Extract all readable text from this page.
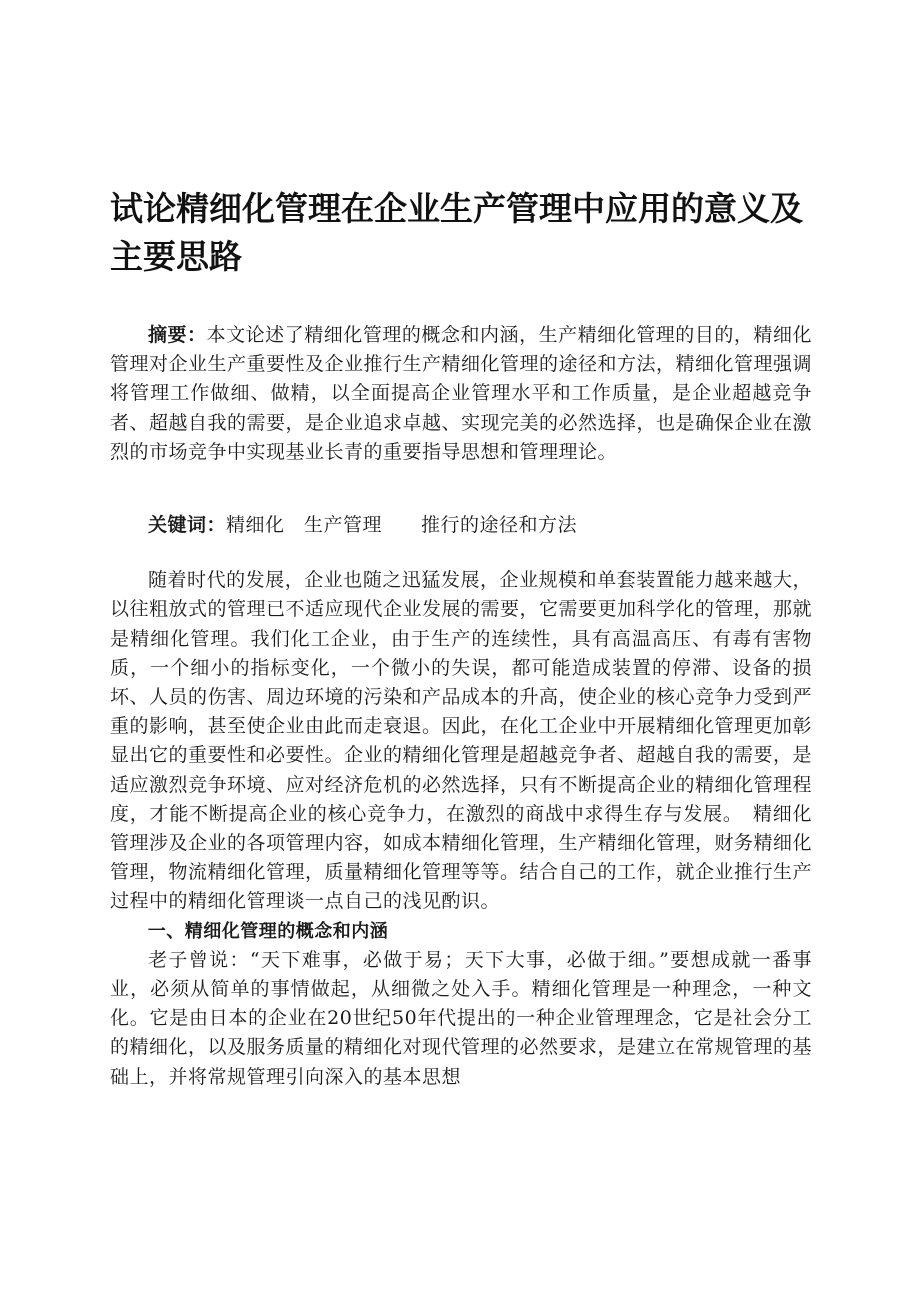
试论精细化管理在企业生产管理中应用的意义及主要思路

摘要：本文论述了精细化管理的概念和内涵，生产精细化管理的目的，精细化管理对企业生产重要性及企业推行生产精细化管理的途径和方法，精细化管理强调将管理工作做细、做精，以全面提高企业管理水平和工作质量，是企业超越竞争者、超越自我的需要，是企业追求卓越、实现完美的必然选择，也是确保企业在激烈的市场竞争中实现基业长青的重要指导思想和管理理论。

关键词：精细化　生产管理　　推行的途径和方法

随着时代的发展，企业也随之迅猛发展，企业规模和单套装置能力越来越大，以往粗放式的管理已不适应现代企业发展的需要，它需要更加科学化的管理，那就是精细化管理。我们化工企业，由于生产的连续性，具有高温高压、有毒有害物质，一个细小的指标变化，一个微小的失误，都可能造成装置的停滞、设备的损坏、人员的伤害、周边环境的污染和产品成本的升高，使企业的核心竞争力受到严重的影响，甚至使企业由此而走衰退。因此，在化工企业中开展精细化管理更加彰显出它的重要性和必要性。企业的精细化管理是超越竞争者、超越自我的需要，是适应激烈竞争环境、应对经济危机的必然选择，只有不断提高企业的精细化管理程度，才能不断提高企业的核心竞争力，在激烈的商战中求得生存与发展。　精细化管理涉及企业的各项管理内容，如成本精细化管理，生产精细化管理，财务精细化管理，物流精细化管理，质量精细化管理等等。结合自己的工作，就企业推行生产过程中的精细化管理谈一点自己的浅见酌识。

一、精细化管理的概念和内涵

老子曾说：“天下难事，必做于易；天下大事，必做于细。”要想成就一番事业，必须从简单的事情做起，从细微之处入手。精细化管理是一种理念，一种文化。它是由日本的企业在20世纪50年代提出的一种企业管理理念，它是社会分工的精细化，以及服务质量的精细化对现代管理的必然要求，是建立在常规管理的基础上，并将常规管理引向深入的基本思想
